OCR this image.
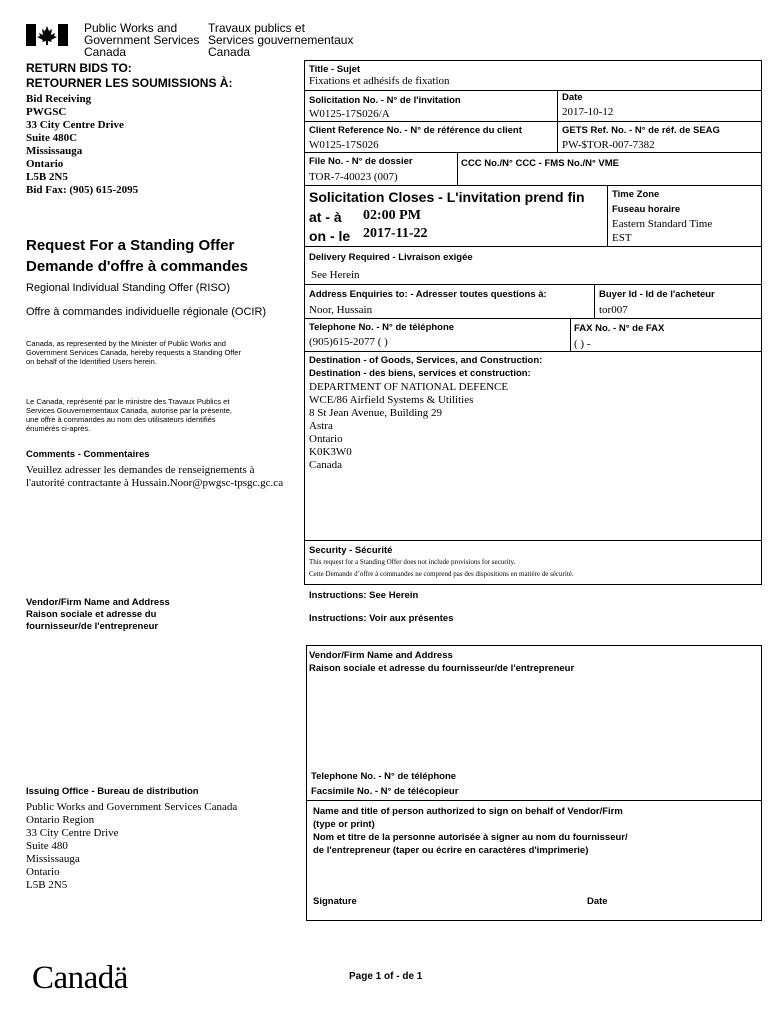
Public Works and
Government Services
Canada
Travaux publics et
Services gouvernementaux
Canada
RETURN BIDS TO:
RETOURNER LES SOUMISSIONS À:
Bid Receiving
PWGSC
33 City Centre Drive
Suite 480C
Mississauga
Ontario
L5B 2N5
Bid Fax: (905) 615-2095
Request For a Standing Offer
Demande d'offre à commandes
Regional Individual Standing Offer (RISO)
Offre à commandes individuelle régionale (OCIR)
Canada, as represented by the Minister of Public Works and
Government Services Canada, hereby requests a Standing Offer
on behalf of the Identified Users herein.
Le Canada, représenté par le ministre des Travaux Publics et
Services Gouvernementaux Canada, autorise par la présente,
une offre à commandes au nom des utilisateurs identifiés
énumérés ci-après.
Comments - Commentaires
Veuillez adresser les demandes de renseignements à
l'autorité contractante à Hussain.Noor@pwgsc-tpsgc.gc.ca
Vendor/Firm Name and Address
Raison sociale et adresse du
fournisseur/de l'entrepreneur
Issuing Office - Bureau de distribution
Public Works and Government Services Canada
Ontario Region
33 City Centre Drive
Suite 480
Mississauga
Ontario
L5B 2N5
Title - Sujet
Fixations et adhésifs de fixation
Solicitation No. - N° de l'invitation
W0125-17S026/A
Date
2017-10-12
Client Reference No. - N° de référence du client
W0125-17S026
GETS Ref. No. - N° de réf. de SEAG
PW-$TOR-007-7382
File No. - N° de dossier
TOR-7-40023 (007)
CCC No./N° CCC - FMS No./N° VME
Solicitation Closes - L'invitation prend fin
at - à 02:00 PM
on - le 2017-11-22
Time Zone
Fuseau horaire
Eastern Standard Time
EST
Delivery Required - Livraison exigée
See Herein
Address Enquiries to: - Adresser toutes questions à:
Noor, Hussain
Buyer Id - Id de l'acheteur
tor007
Telephone No. - N° de téléphone
(905)615-2077 ( )
FAX No. - N° de FAX
( ) -
Destination - of Goods, Services, and Construction:
Destination - des biens, services et construction:
DEPARTMENT OF NATIONAL DEFENCE
WCE/86 Airfield Systems & Utilities
8 St Jean Avenue, Building 29
Astra
Ontario
K0K3W0
Canada
Security - Sécurité
This request for a Standing Offer does not include provisions for security.
Cette Demande d’offre à commandes ne comprend pas des dispositions en matière de sécurité.
Instructions: See Herein
Instructions: Voir aux présentes
Vendor/Firm Name and Address
Raison sociale et adresse du fournisseur/de l'entrepreneur
Telephone No. - N° de téléphone
Facsimile No. - N° de télécopieur
Name and title of person authorized to sign on behalf of Vendor/Firm
(type or print)
Nom et titre de la personne autorisée à signer au nom du fournisseur/
de l'entrepreneur (taper ou écrire en caractères d'imprimerie)
Signature	Date
Canadä	Page 1 of - de 1
